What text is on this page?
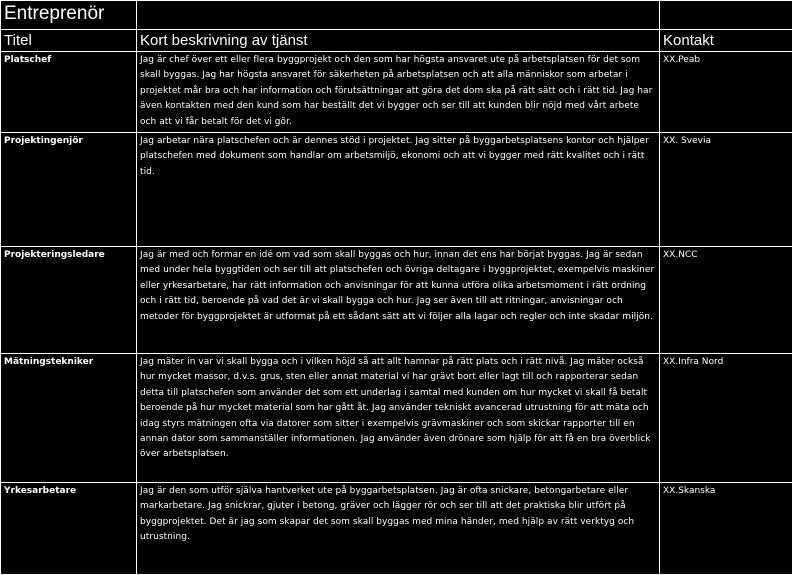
Entreprenör		
Titel	Kort beskrivning av tjänst	Kontakt

Platschef	Jag är chef över ett eller flera byggprojekt och den som har högsta ansvaret ute på arbetsplatsen för det som skall byggas. Jag har högsta ansvaret för säkerheten på arbetsplatsen och att alla människor som arbetar i projektet mår bra och har information och förutsättningar att göra det dom ska på rätt sätt och i rätt tid. Jag har även kontakten med den kund som har beställt det vi bygger och ser till att kunden blir nöjd med vårt arbete och att vi får betalt för det vi gör.	XX.Peab

Projektingenjör	Jag arbetar nära platschefen och är dennes stöd i projektet. Jag sitter på byggarbetsplatsens kontor och hjälper platschefen med dokument som handlar om arbetsmiljö, ekonomi och att vi bygger med rätt kvalitet och i rätt tid.	XX. Svevia

Projekteringsledare	Jag är med och formar en idé om vad som skall byggas och hur, innan det ens har börjat byggas. Jag är sedan med under hela byggtiden och ser till att platschefen och övriga deltagare i byggprojektet, exempelvis maskiner eller yrkesarbetare, har rätt information och anvisningar för att kunna utföra olika arbetsmoment i rätt ordning och i rätt tid, beroende på vad det är vi skall bygga och hur. Jag ser även till att ritningar, anvisningar och metoder för byggprojektet är utformat på ett sådant sätt att vi följer alla lagar och regler och inte skadar miljön.	XX.NCC

Mätningstekniker	Jag mäter in var vi skall bygga och i vilken höjd så att allt hamnar på rätt plats och i rätt nivå. Jag mäter också hur mycket massor, d.v.s. grus, sten eller annat material vi har grävt bort eller lagt till och rapporterar sedan detta till platschefen som använder det som ett underlag i samtal med kunden om hur mycket vi skall få betalt beroende på hur mycket material som har gått åt. Jag använder tekniskt avancerad utrustning för att mäta och idag styrs mätningen ofta via datorer som sitter i exempelvis grävmaskiner och som skickar rapporter till en annan dator som sammanställer informationen. Jag använder även drönare som hjälp för att få en bra överblick över arbetsplatsen.	XX.Infra Nord

Yrkesarbetare	Jag är den som utför själva hantverket ute på byggarbetsplatsen. Jag är ofta snickare, betongarbetare eller markarbetare. Jag snickrar, gjuter i betong, gräver och lägger rör och ser till att det praktiska blir utfört på byggprojektet. Det är jag som skapar det som skall byggas med mina händer, med hjälp av rätt verktyg och utrustning.	XX.Skanska
